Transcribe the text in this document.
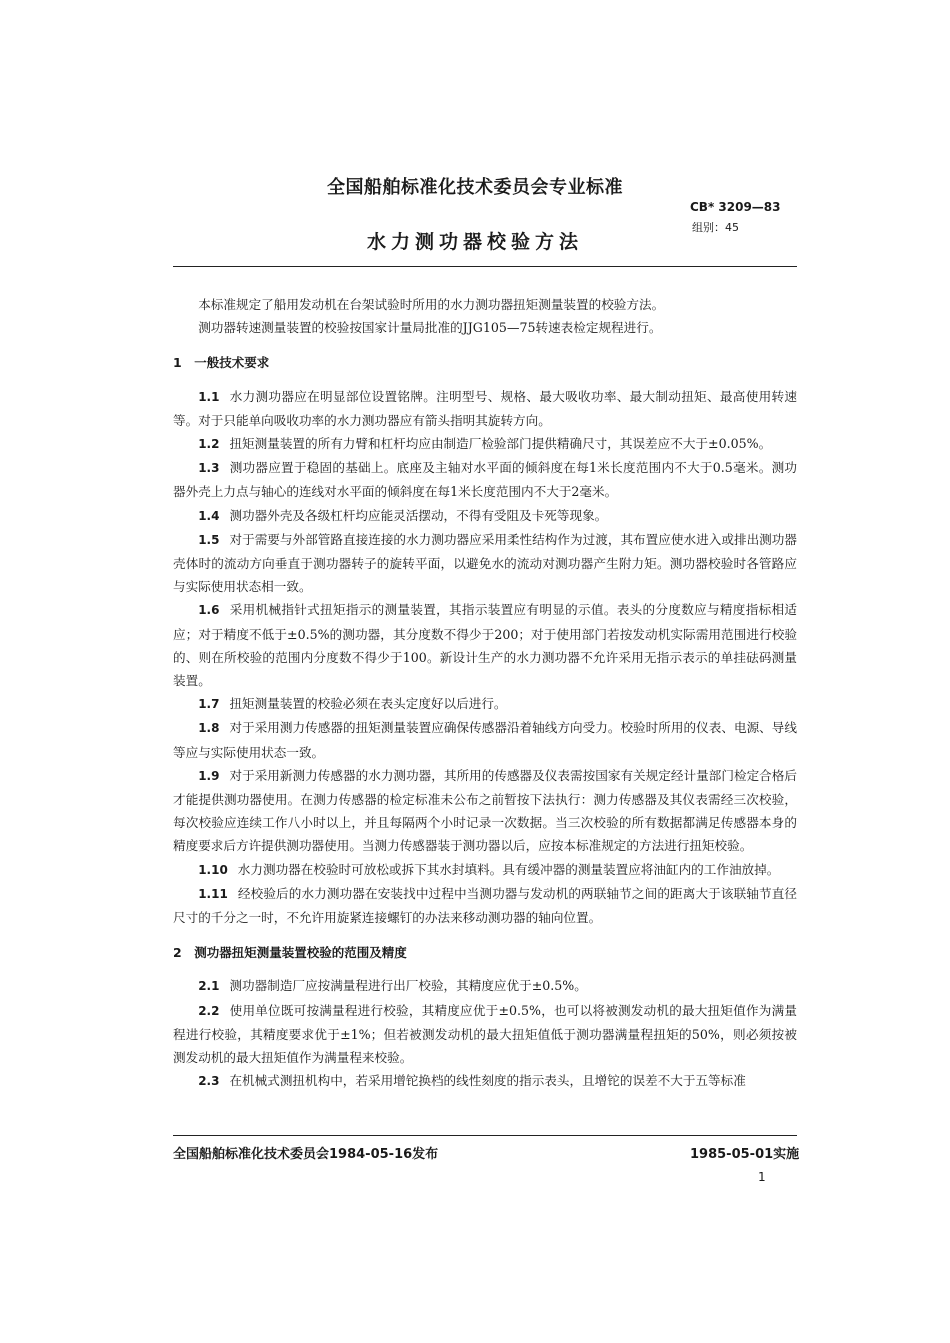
全国船舶标准化技术委员会专业标准
CB* 3209—83
组别：45
水力测功器校验方法

本标准规定了船用发动机在台架试验时所用的水力测功器扭矩测量装置的校验方法。

测功器转速测量装置的校验按国家计量局批准的JJG105—75转速表检定规程进行。

1　一般技术要求

1.1 水力测功器应在明显部位设置铭牌。注明型号、规格、最大吸收功率、最大制动扭矩、最高使用转速等。对于只能单向吸收功率的水力测功器应有箭头指明其旋转方向。

1.2 扭矩测量装置的所有力臂和杠杆均应由制造厂检验部门提供精确尺寸，其误差应不大于±0.05%。

1.3 测功器应置于稳固的基础上。底座及主轴对水平面的倾斜度在每1米长度范围内不大于0.5毫米。测功器外壳上力点与轴心的连线对水平面的倾斜度在每1米长度范围内不大于2毫米。

1.4 测功器外壳及各级杠杆均应能灵活摆动，不得有受阻及卡死等现象。

1.5 对于需要与外部管路直接连接的水力测功器应采用柔性结构作为过渡，其布置应使水进入或排出测功器壳体时的流动方向垂直于测功器转子的旋转平面，以避免水的流动对测功器产生附力矩。测功器校验时各管路应与实际使用状态相一致。

1.6 采用机械指针式扭矩指示的测量装置，其指示装置应有明显的示值。表头的分度数应与精度指标相适应；对于精度不低于±0.5%的测功器，其分度数不得少于200；对于使用部门若按发动机实际需用范围进行校验的、则在所校验的范围内分度数不得少于100。新设计生产的水力测功器不允许采用无指示表示的单挂砝码测量装置。

1.7 扭矩测量装置的校验必须在表头定度好以后进行。

1.8 对于采用测力传感器的扭矩测量装置应确保传感器沿着轴线方向受力。校验时所用的仪表、电源、导线等应与实际使用状态一致。

1.9 对于采用新测力传感器的水力测功器，其所用的传感器及仪表需按国家有关规定经计量部门检定合格后才能提供测功器使用。在测力传感器的检定标准未公布之前暂按下法执行：测力传感器及其仪表需经三次校验，每次校验应连续工作八小时以上，并且每隔两个小时记录一次数据。当三次校验的所有数据都满足传感器本身的精度要求后方许提供测功器使用。当测力传感器装于测功器以后，应按本标准规定的方法进行扭矩校验。

1.10 水力测功器在校验时可放松或拆下其水封填料。具有缓冲器的测量装置应将油缸内的工作油放掉。

1.11 经校验后的水力测功器在安装找中过程中当测功器与发动机的两联轴节之间的距离大于该联轴节直径尺寸的千分之一时，不允许用旋紧连接螺钉的办法来移动测功器的轴向位置。

2　测功器扭矩测量装置校验的范围及精度

2.1 测功器制造厂应按满量程进行出厂校验，其精度应优于±0.5%。

2.2 使用单位既可按满量程进行校验，其精度应优于±0.5%，也可以将被测发动机的最大扭矩值作为满量程进行校验，其精度要求优于±1%；但若被测发动机的最大扭矩值低于测功器满量程扭矩的50%，则必须按被测发动机的最大扭矩值作为满量程来校验。

2.3 在机械式测扭机构中，若采用增铊换档的线性刻度的指示表头，且增铊的误差不大于五等标准

全国船舶标准化技术委员会1984-05-16发布	1985-05-01实施
1
